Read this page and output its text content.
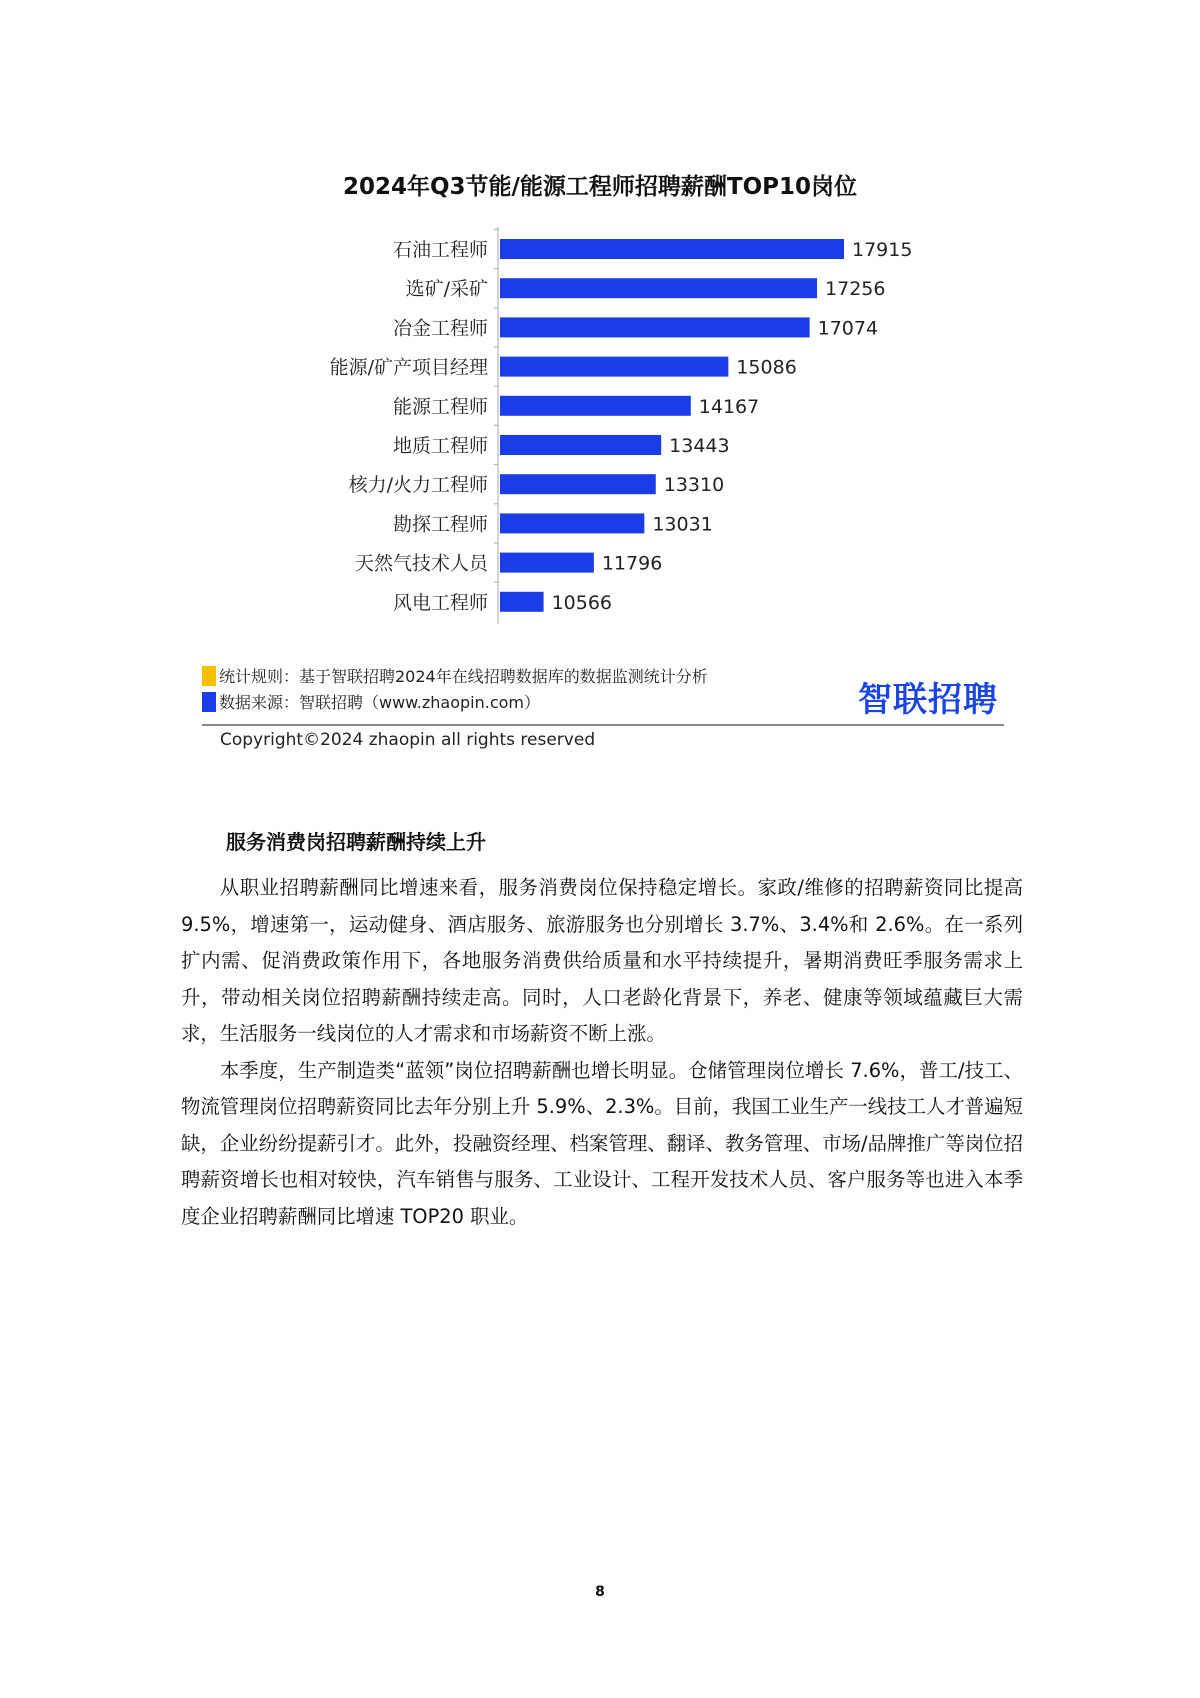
2024年Q3节能/能源工程师招聘薪酬TOP10岗位
石油工程师	17915
选矿/采矿	17256
冶金工程师	17074
能源/矿产项目经理	15086
能源工程师	14167
地质工程师	13443
核力/火力工程师	13310
勘探工程师	13031
天然气技术人员	11796
风电工程师	10566
统计规则：基于智联招聘2024年在线招聘数据库的数据监测统计分析
数据来源：智联招聘（www.zhaopin.com）	智联招聘
Copyright©2024 zhaopin all rights reserved
服务消费岗招聘薪酬持续上升

从职业招聘薪酬同比增速来看，服务消费岗位保持稳定增长。家政/维修的招聘薪资同比提高 9.5%，增速第一，运动健身、酒店服务、旅游服务也分别增长 3.7%、3.4%和 2.6%。在一系列扩内需、促消费政策作用下，各地服务消费供给质量和水平持续提升，暑期消费旺季服务需求上升，带动相关岗位招聘薪酬持续走高。同时，人口老龄化背景下，养老、健康等领域蕴藏巨大需求，生活服务一线岗位的人才需求和市场薪资不断上涨。

本季度，生产制造类“蓝领”岗位招聘薪酬也增长明显。仓储管理岗位增长 7.6%，普工/技工、物流管理岗位招聘薪资同比去年分别上升 5.9%、2.3%。目前，我国工业生产一线技工人才普遍短缺，企业纷纷提薪引才。此外，投融资经理、档案管理、翻译、教务管理、市场/品牌推广等岗位招聘薪资增长也相对较快，汽车销售与服务、工业设计、工程开发技术人员、客户服务等也进入本季度企业招聘薪酬同比增速 TOP20 职业。

8
